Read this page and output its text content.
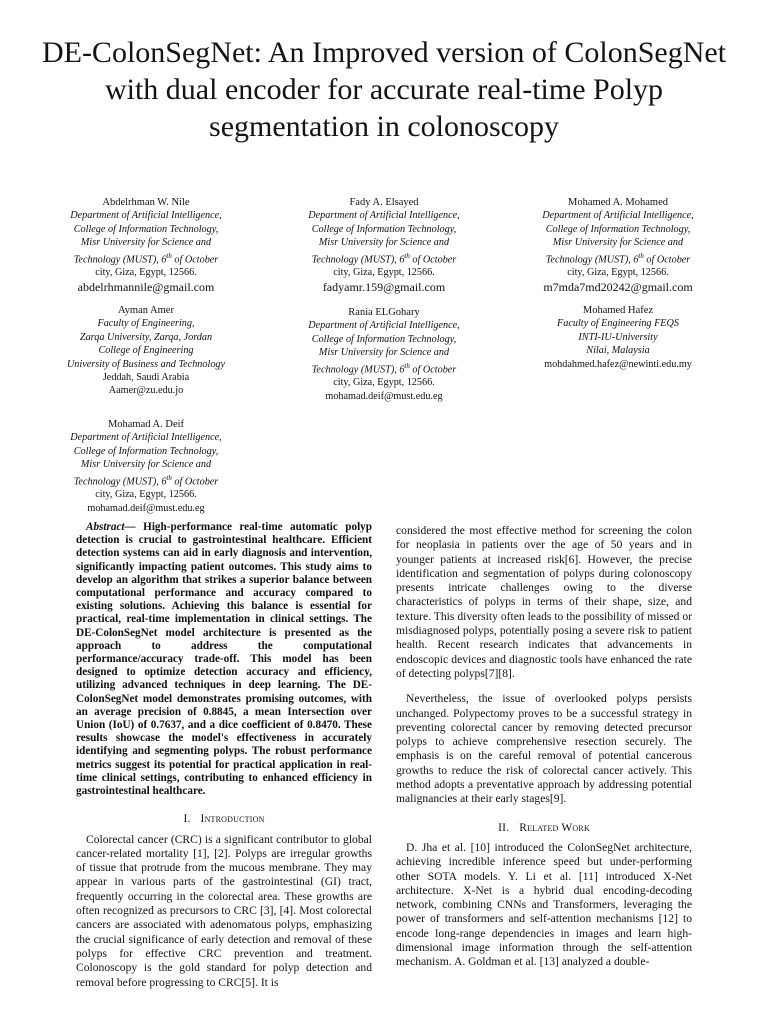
DE-ColonSegNet: An Improved version of ColonSegNet with dual encoder for accurate real-time Polyp segmentation in colonoscopy
Abdelrhman W. Nile
Department of Artificial Intelligence,
College of Information Technology,
Misr University for Science and
Technology (MUST), 6th of October
city, Giza, Egypt, 12566.
abdelrhmannile@gmail.com
Fady A. Elsayed
Department of Artificial Intelligence,
College of Information Technology,
Misr University for Science and
Technology (MUST), 6th of October
city, Giza, Egypt, 12566.
fadyamr.159@gmail.com
Mohamed A. Mohamed
Department of Artificial Intelligence,
College of Information Technology,
Misr University for Science and
Technology (MUST), 6th of October
city, Giza, Egypt, 12566.
m7mda7md20242@gmail.com
Ayman Amer
Faculty of Engineering,
Zarqa University, Zarqa, Jordan
College of Engineering
University of Business and Technology
Jeddah, Saudi Arabia
Aamer@zu.edu.jo
Rania ELGohary
Department of Artificial Intelligence,
College of Information Technology,
Misr University for Science and
Technology (MUST), 6th of October
city, Giza, Egypt, 12566.
mohamad.deif@must.edu.eg
Mohamed Hafez
Faculty of Engineering FEQS
INTI-IU-University
Nilai, Malaysia
mohdahmed.hafez@newinti.edu.my
Mohamad A. Deif
Department of Artificial Intelligence,
College of Information Technology,
Misr University for Science and
Technology (MUST), 6th of October
city, Giza, Egypt, 12566.
mohamad.deif@must.edu.eg

Abstract— High-performance real-time automatic polyp detection is crucial to gastrointestinal healthcare. Efficient detection systems can aid in early diagnosis and intervention, significantly impacting patient outcomes. This study aims to develop an algorithm that strikes a superior balance between computational performance and accuracy compared to existing solutions. Achieving this balance is essential for practical, real-time implementation in clinical settings. The DE-ColonSegNet model architecture is presented as the approach to address the computational performance/accuracy trade-off. This model has been designed to optimize detection accuracy and efficiency, utilizing advanced techniques in deep learning. The DE-ColonSegNet model demonstrates promising outcomes, with an average precision of 0.8845, a mean Intersection over Union (IoU) of 0.7637, and a dice coefficient of 0.8470. These results showcase the model's effectiveness in accurately identifying and segmenting polyps. The robust performance metrics suggest its potential for practical application in real-time clinical settings, contributing to enhanced efficiency in gastrointestinal healthcare.

I. Introduction

Colorectal cancer (CRC) is a significant contributor to global cancer-related mortality [1], [2]. Polyps are irregular growths of tissue that protrude from the mucous membrane. They may appear in various parts of the gastrointestinal (GI) tract, frequently occurring in the colorectal area. These growths are often recognized as precursors to CRC [3], [4]. Most colorectal cancers are associated with adenomatous polyps, emphasizing the crucial significance of early detection and removal of these polyps for effective CRC prevention and treatment. Colonoscopy is the gold standard for polyp detection and removal before progressing to CRC[5]. It is

considered the most effective method for screening the colon for neoplasia in patients over the age of 50 years and in younger patients at increased risk[6]. However, the precise identification and segmentation of polyps during colonoscopy presents intricate challenges owing to the diverse characteristics of polyps in terms of their shape, size, and texture. This diversity often leads to the possibility of missed or misdiagnosed polyps, potentially posing a severe risk to patient health. Recent research indicates that advancements in endoscopic devices and diagnostic tools have enhanced the rate of detecting polyps[7][8].

Nevertheless, the issue of overlooked polyps persists unchanged. Polypectomy proves to be a successful strategy in preventing colorectal cancer by removing detected precursor polyps to achieve comprehensive resection securely. The emphasis is on the careful removal of potential cancerous growths to reduce the risk of colorectal cancer actively. This method adopts a preventative approach by addressing potential malignancies at their early stages[9].

II. Related Work

D. Jha et al. [10] introduced the ColonSegNet architecture, achieving incredible inference speed but under-performing other SOTA models. Y. Li et al. [11] introduced X-Net architecture. X-Net is a hybrid dual encoding-decoding network, combining CNNs and Transformers, leveraging the power of transformers and self-attention mechanisms [12] to encode long-range dependencies in images and learn high-dimensional image information through the self-attention mechanism. A. Goldman et al. [13] analyzed a double-
